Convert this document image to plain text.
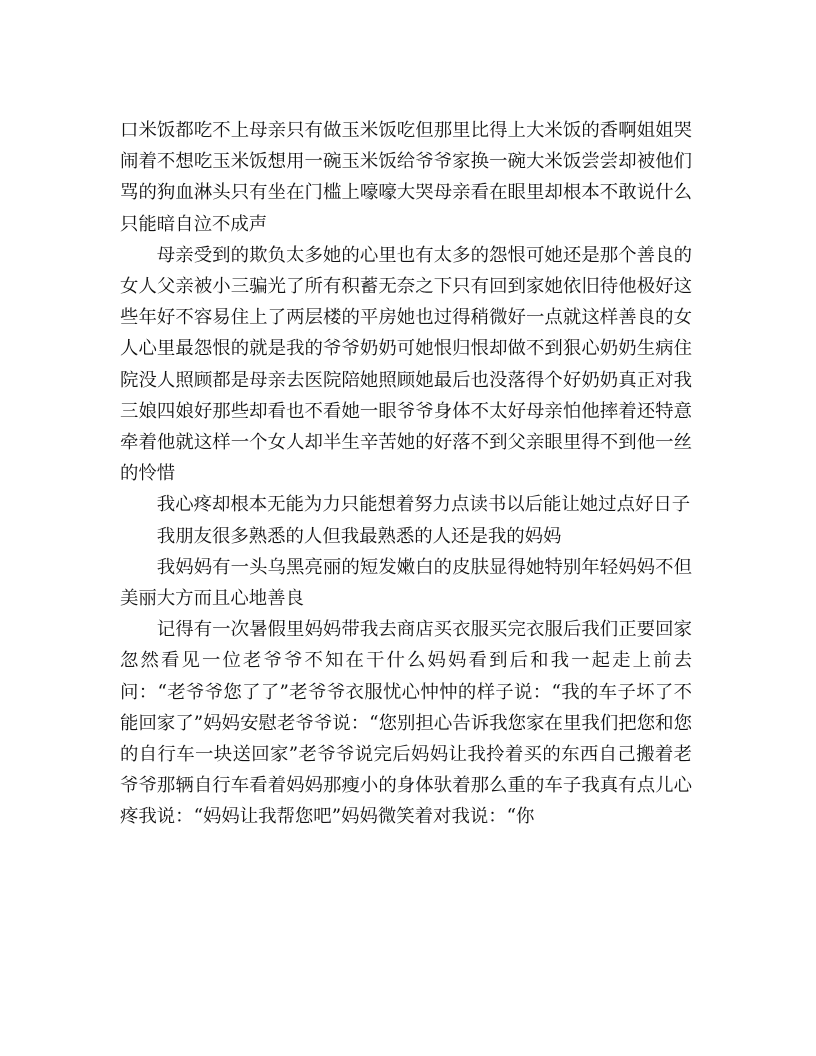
口米饭都吃不上母亲只有做玉米饭吃但那里比得上大米饭的香啊姐姐哭闹着不想吃玉米饭想用一碗玉米饭给爷爷家换一碗大米饭尝尝却被他们骂的狗血淋头只有坐在门槛上嚎嚎大哭母亲看在眼里却根本不敢说什么只能暗自泣不成声

母亲受到的欺负太多她的心里也有太多的怨恨可她还是那个善良的女人父亲被小三骗光了所有积蓄无奈之下只有回到家她依旧待他极好这些年好不容易住上了两层楼的平房她也过得稍微好一点就这样善良的女人心里最怨恨的就是我的爷爷奶奶可她恨归恨却做不到狠心奶奶生病住院没人照顾都是母亲去医院陪她照顾她最后也没落得个好奶奶真正对我三娘四娘好那些却看也不看她一眼爷爷身体不太好母亲怕他摔着还特意牵着他就这样一个女人却半生辛苦她的好落不到父亲眼里得不到他一丝的怜惜

我心疼却根本无能为力只能想着努力点读书以后能让她过点好日子

我朋友很多熟悉的人但我最熟悉的人还是我的妈妈

我妈妈有一头乌黑亮丽的短发嫩白的皮肤显得她特别年轻妈妈不但美丽大方而且心地善良

记得有一次暑假里妈妈带我去商店买衣服买完衣服后我们正要回家忽然看见一位老爷爷不知在干什么妈妈看到后和我一起走上前去问：“老爷爷您了了”老爷爷衣服忧心忡忡的样子说：“我的车子坏了不能回家了”妈妈安慰老爷爷说：“您别担心告诉我您家在里我们把您和您的自行车一块送回家”老爷爷说完后妈妈让我拎着买的东西自己搬着老爷爷那辆自行车看着妈妈那瘦小的身体驮着那么重的车子我真有点儿心疼我说：“妈妈让我帮您吧”妈妈微笑着对我说：“你
